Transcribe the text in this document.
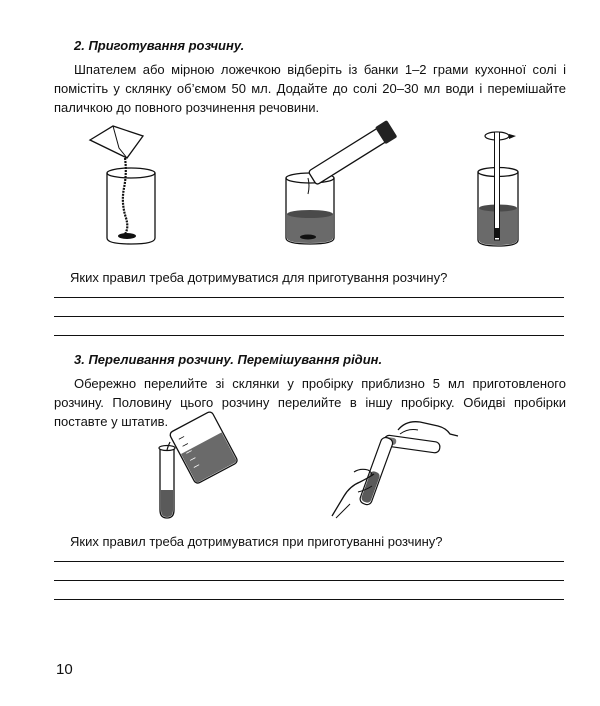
2. Приготування розчину.
Шпателем або мірною ложечкою відберіть із банки 1–2 грами кухонної солі і помістіть у склянку об’ємом 50 мл. Додайте до солі 20–30 мл води і перемішайте паличкою до повного розчинення речовини.
Яких правил треба дотримуватися для приготування розчину?
3. Переливання розчину. Перемішування рідин.
Обережно перелийте зі склянки у пробірку приблизно 5 мл приготовленого розчину. Половину цього розчину перелийте в іншу пробірку. Обидві пробірки поставте у штатив.
Яких правил треба дотримуватися при приготуванні розчину?
10
